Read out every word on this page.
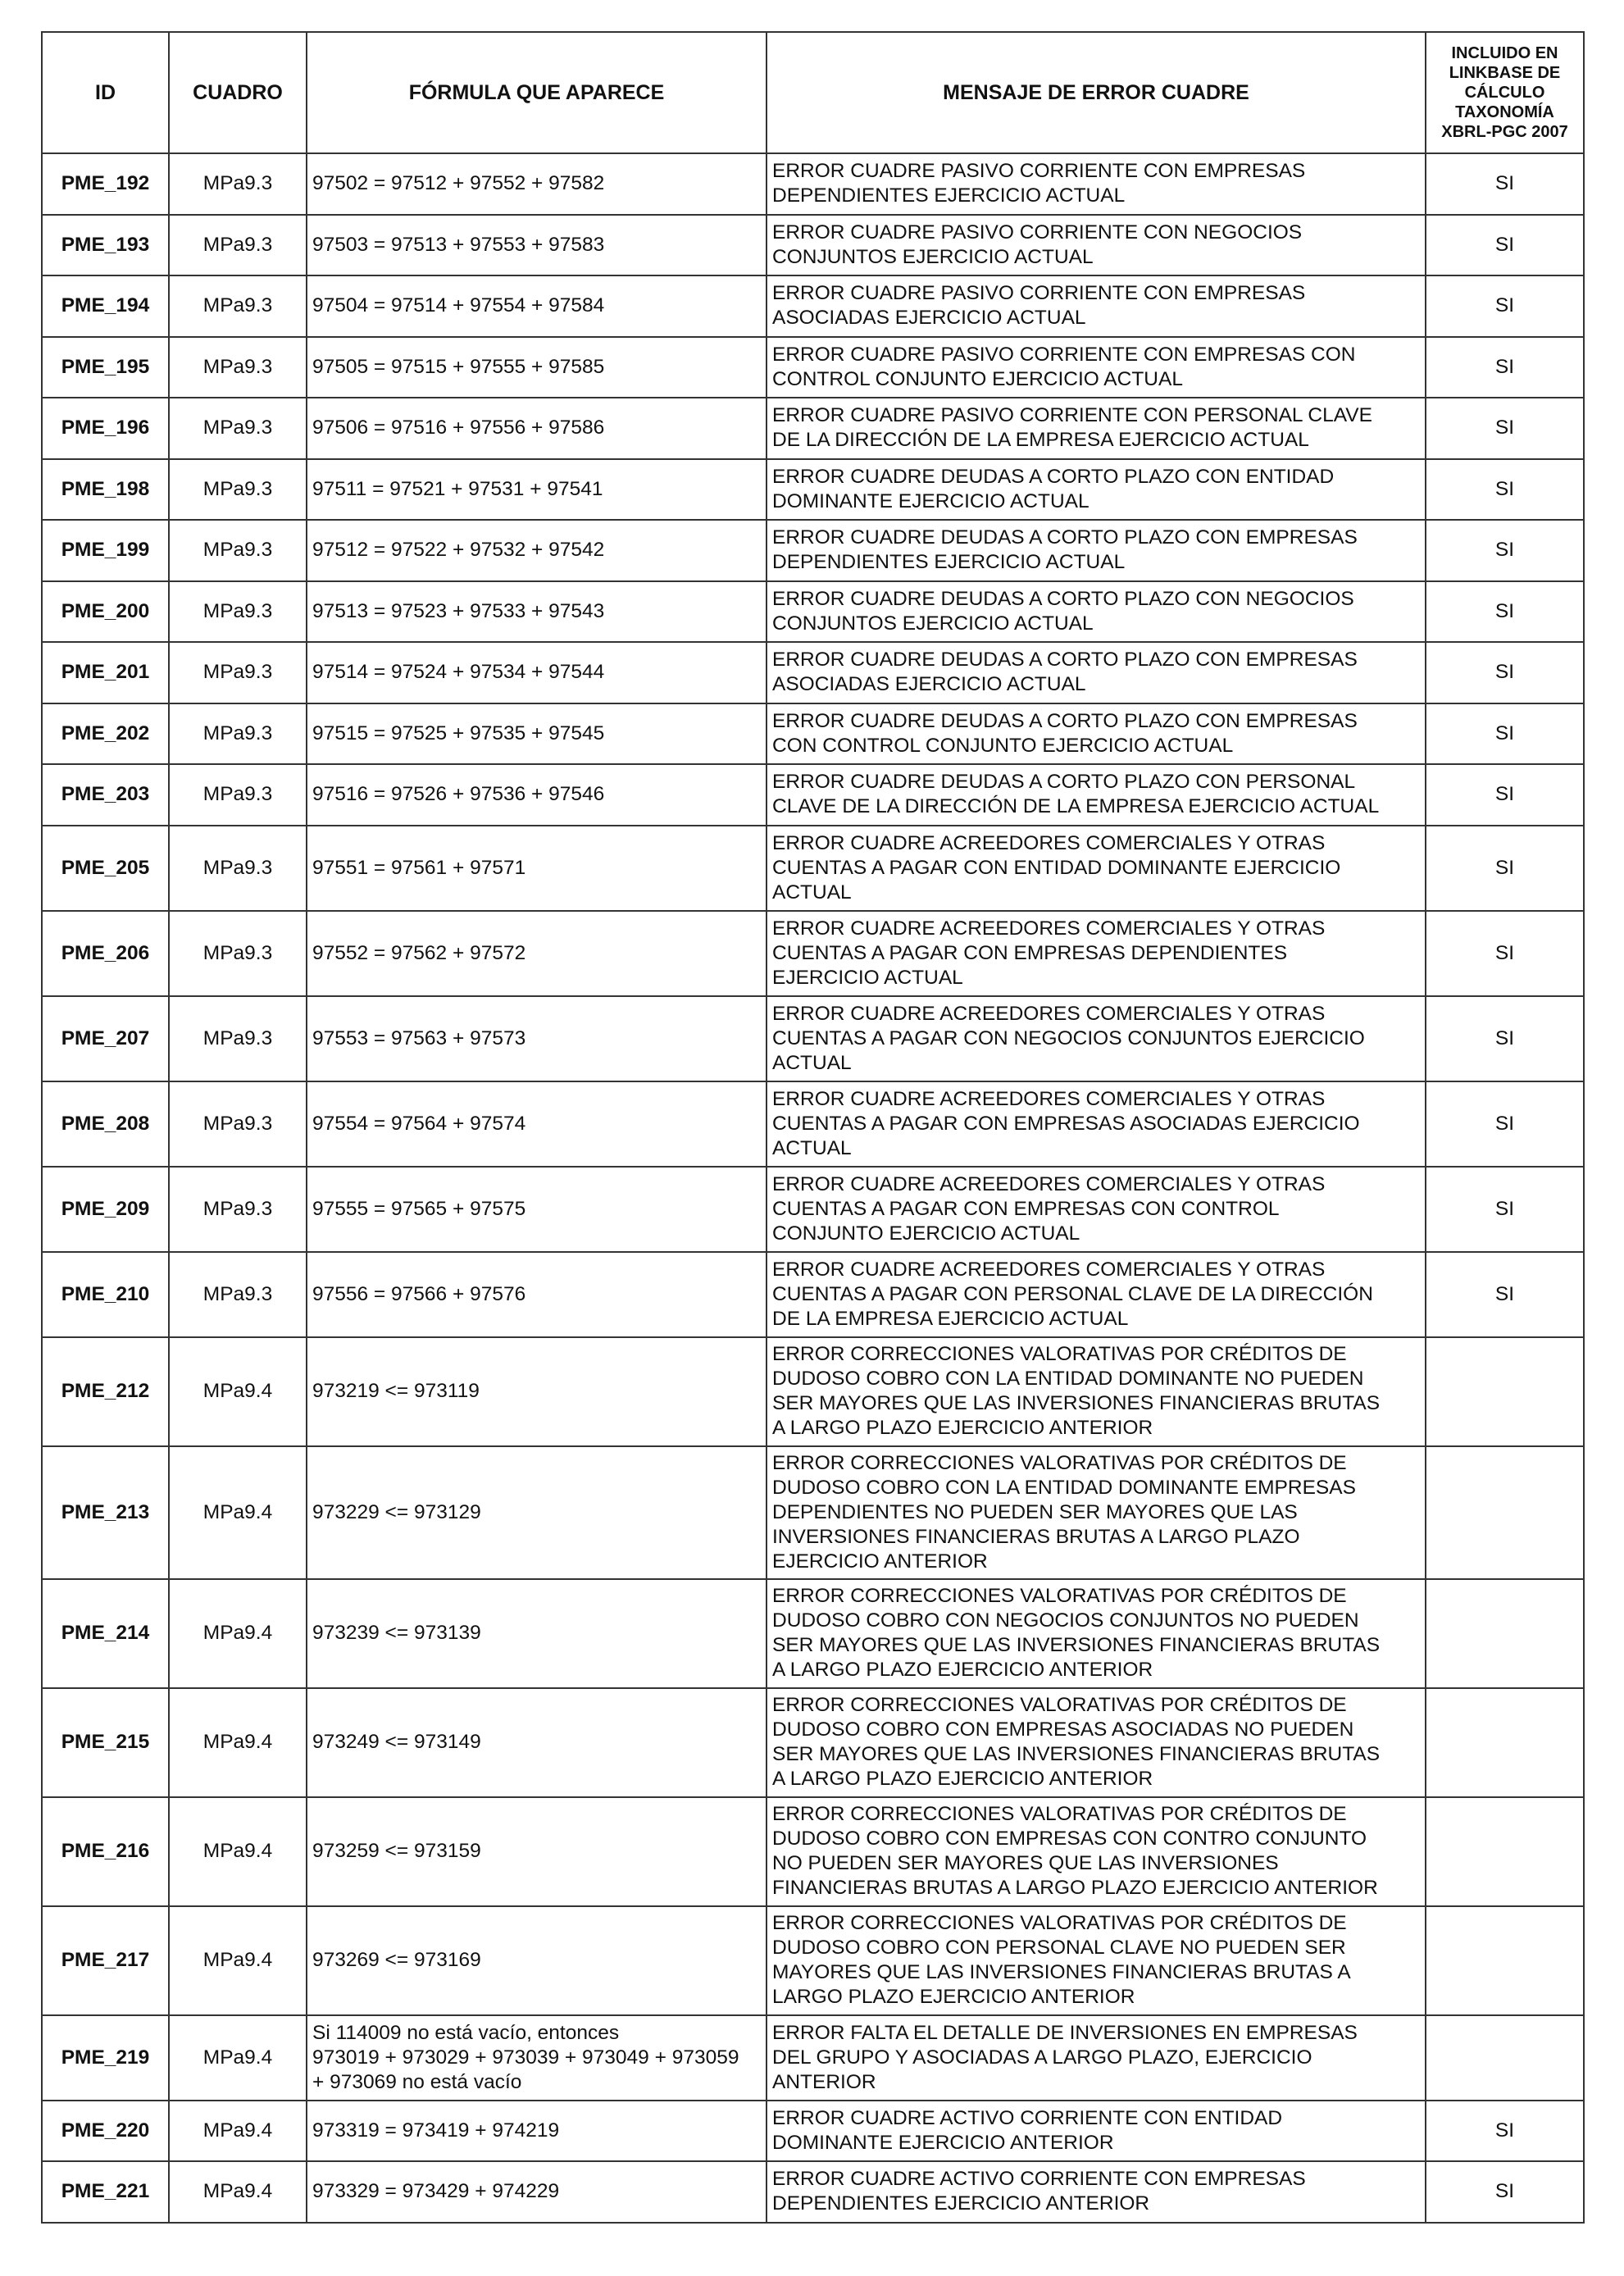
ID	CUADRO	FÓRMULA QUE APARECE	MENSAJE DE ERROR CUADRE	INCLUIDO EN
LINKBASE DE
CÁLCULO
TAXONOMÍA
XBRL-PGC 2007

PME_192	MPa9.3	97502 = 97512 + 97552 + 97582	ERROR CUADRE PASIVO CORRIENTE CON EMPRESAS
DEPENDIENTES EJERCICIO ACTUAL	SI
PME_193	MPa9.3	97503 = 97513 + 97553 + 97583	ERROR CUADRE PASIVO CORRIENTE CON NEGOCIOS
CONJUNTOS EJERCICIO ACTUAL	SI
PME_194	MPa9.3	97504 = 97514 + 97554 + 97584	ERROR CUADRE PASIVO CORRIENTE CON EMPRESAS
ASOCIADAS EJERCICIO ACTUAL	SI
PME_195	MPa9.3	97505 = 97515 + 97555 + 97585	ERROR CUADRE PASIVO CORRIENTE CON EMPRESAS CON
CONTROL CONJUNTO EJERCICIO ACTUAL	SI
PME_196	MPa9.3	97506 = 97516 + 97556 + 97586	ERROR CUADRE PASIVO CORRIENTE CON PERSONAL CLAVE
DE LA DIRECCIÓN DE LA EMPRESA EJERCICIO ACTUAL	SI
PME_198	MPa9.3	97511 = 97521 + 97531 + 97541	ERROR CUADRE DEUDAS A CORTO PLAZO CON ENTIDAD
DOMINANTE EJERCICIO ACTUAL	SI
PME_199	MPa9.3	97512 = 97522 + 97532 + 97542	ERROR CUADRE DEUDAS A CORTO PLAZO CON EMPRESAS
DEPENDIENTES EJERCICIO ACTUAL	SI
PME_200	MPa9.3	97513 = 97523 + 97533 + 97543	ERROR CUADRE DEUDAS A CORTO PLAZO CON NEGOCIOS
CONJUNTOS EJERCICIO ACTUAL	SI
PME_201	MPa9.3	97514 = 97524 + 97534 + 97544	ERROR CUADRE DEUDAS A CORTO PLAZO CON EMPRESAS
ASOCIADAS EJERCICIO ACTUAL	SI
PME_202	MPa9.3	97515 = 97525 + 97535 + 97545	ERROR CUADRE DEUDAS A CORTO PLAZO CON EMPRESAS
CON CONTROL CONJUNTO EJERCICIO ACTUAL	SI
PME_203	MPa9.3	97516 = 97526 + 97536 + 97546	ERROR CUADRE DEUDAS A CORTO PLAZO CON PERSONAL
CLAVE DE LA DIRECCIÓN DE LA EMPRESA EJERCICIO ACTUAL	SI
PME_205	MPa9.3	97551 = 97561 + 97571	ERROR CUADRE ACREEDORES COMERCIALES Y OTRAS
CUENTAS A PAGAR CON ENTIDAD DOMINANTE EJERCICIO
ACTUAL	SI
PME_206	MPa9.3	97552 = 97562 + 97572	ERROR CUADRE ACREEDORES COMERCIALES Y OTRAS
CUENTAS A PAGAR CON EMPRESAS DEPENDIENTES
EJERCICIO ACTUAL	SI
PME_207	MPa9.3	97553 = 97563 + 97573	ERROR CUADRE ACREEDORES COMERCIALES Y OTRAS
CUENTAS A PAGAR CON NEGOCIOS CONJUNTOS EJERCICIO
ACTUAL	SI
PME_208	MPa9.3	97554 = 97564 + 97574	ERROR CUADRE ACREEDORES COMERCIALES Y OTRAS
CUENTAS A PAGAR CON EMPRESAS ASOCIADAS EJERCICIO
ACTUAL	SI
PME_209	MPa9.3	97555 = 97565 + 97575	ERROR CUADRE ACREEDORES COMERCIALES Y OTRAS
CUENTAS A PAGAR CON EMPRESAS CON CONTROL
CONJUNTO EJERCICIO ACTUAL	SI
PME_210	MPa9.3	97556 = 97566 + 97576	ERROR CUADRE ACREEDORES COMERCIALES Y OTRAS
CUENTAS A PAGAR CON PERSONAL CLAVE DE LA DIRECCIÓN
DE LA EMPRESA EJERCICIO ACTUAL	SI
PME_212	MPa9.4	973219 <= 973119	ERROR CORRECCIONES VALORATIVAS POR CRÉDITOS DE
DUDOSO COBRO CON LA ENTIDAD DOMINANTE NO PUEDEN
SER MAYORES QUE LAS INVERSIONES FINANCIERAS BRUTAS
A LARGO PLAZO EJERCICIO ANTERIOR	

PME_213	MPa9.4	973229 <= 973129	ERROR CORRECCIONES VALORATIVAS POR CRÉDITOS DE
DUDOSO COBRO CON LA ENTIDAD DOMINANTE EMPRESAS
DEPENDIENTES NO PUEDEN SER MAYORES QUE LAS
INVERSIONES FINANCIERAS BRUTAS A LARGO PLAZO
EJERCICIO ANTERIOR	

PME_214	MPa9.4	973239 <= 973139	ERROR CORRECCIONES VALORATIVAS POR CRÉDITOS DE
DUDOSO COBRO CON NEGOCIOS CONJUNTOS NO PUEDEN
SER MAYORES QUE LAS INVERSIONES FINANCIERAS BRUTAS
A LARGO PLAZO EJERCICIO ANTERIOR	

PME_215	MPa9.4	973249 <= 973149	ERROR CORRECCIONES VALORATIVAS POR CRÉDITOS DE
DUDOSO COBRO CON EMPRESAS ASOCIADAS NO PUEDEN
SER MAYORES QUE LAS INVERSIONES FINANCIERAS BRUTAS
A LARGO PLAZO EJERCICIO ANTERIOR	

PME_216	MPa9.4	973259 <= 973159	ERROR CORRECCIONES VALORATIVAS POR CRÉDITOS DE
DUDOSO COBRO CON EMPRESAS CON CONTRO CONJUNTO
NO PUEDEN SER MAYORES QUE LAS INVERSIONES
FINANCIERAS BRUTAS A LARGO PLAZO EJERCICIO ANTERIOR	

PME_217	MPa9.4	973269 <= 973169	ERROR CORRECCIONES VALORATIVAS POR CRÉDITOS DE
DUDOSO COBRO CON PERSONAL CLAVE NO PUEDEN SER
MAYORES QUE LAS INVERSIONES FINANCIERAS BRUTAS A
LARGO PLAZO EJERCICIO ANTERIOR	

PME_219	MPa9.4	Si 114009 no está vacío, entonces
973019 + 973029 + 973039 + 973049 + 973059
+ 973069 no está vacío	ERROR FALTA EL DETALLE DE INVERSIONES EN EMPRESAS
DEL GRUPO Y ASOCIADAS A LARGO PLAZO, EJERCICIO
ANTERIOR	

PME_220	MPa9.4	973319 = 973419 + 974219	ERROR CUADRE ACTIVO CORRIENTE CON ENTIDAD
DOMINANTE EJERCICIO ANTERIOR	SI
PME_221	MPa9.4	973329 = 973429 + 974229	ERROR CUADRE ACTIVO CORRIENTE CON EMPRESAS
DEPENDIENTES EJERCICIO ANTERIOR	SI
